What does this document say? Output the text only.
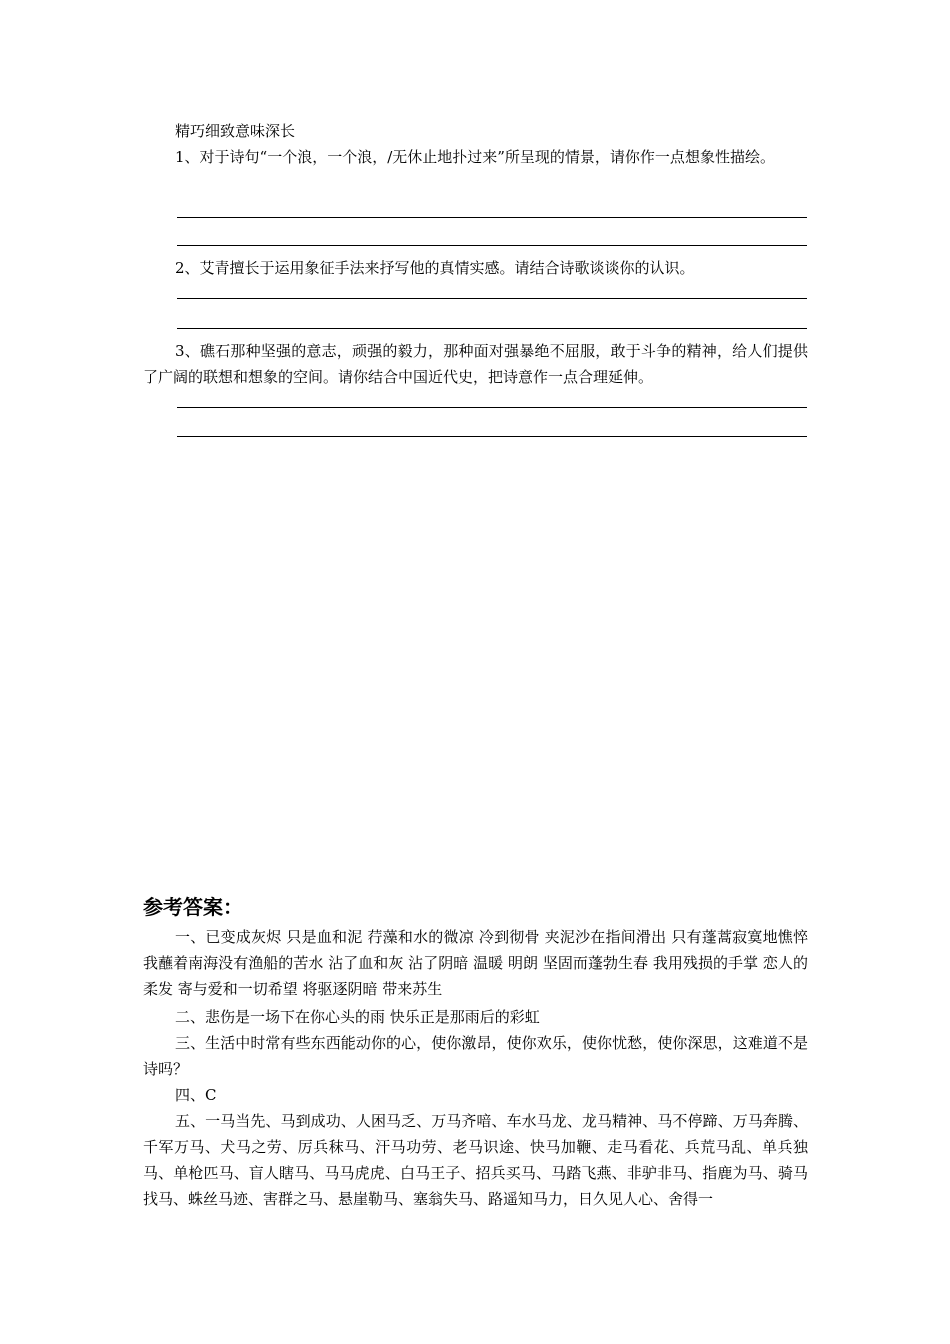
精巧细致意味深长

1、对于诗句“一个浪，一个浪，/无休止地扑过来”所呈现的情景，请你作一点想象性描绘。

2、艾青擅长于运用象征手法来抒写他的真情实感。请结合诗歌谈谈你的认识。

3、礁石那种坚强的意志，顽强的毅力，那种面对强暴绝不屈服，敢于斗争的精神，给人们提供了广阔的联想和想象的空间。请你结合中国近代史，把诗意作一点合理延伸。

参考答案：

一、已变成灰烬 只是血和泥 荇藻和水的微凉 冷到彻骨 夹泥沙在指间滑出 只有蓬蒿寂寞地憔悴 我蘸着南海没有渔船的苦水 沾了血和灰 沾了阴暗 温暖 明朗 坚固而蓬勃生春 我用残损的手掌 恋人的柔发 寄与爱和一切希望 将驱逐阴暗 带来苏生

二、悲伤是一场下在你心头的雨 快乐正是那雨后的彩虹

三、生活中时常有些东西能动你的心，使你激昂，使你欢乐，使你忧愁，使你深思，这难道不是诗吗？

四、C

五、一马当先、马到成功、人困马乏、万马齐喑、车水马龙、龙马精神、马不停蹄、万马奔腾、千军万马、犬马之劳、厉兵秣马、汗马功劳、老马识途、快马加鞭、走马看花、兵荒马乱、单兵独马、单枪匹马、盲人瞎马、马马虎虎、白马王子、招兵买马、马踏飞燕、非驴非马、指鹿为马、骑马找马、蛛丝马迹、害群之马、悬崖勒马、塞翁失马、路遥知马力，日久见人心、舍得一
